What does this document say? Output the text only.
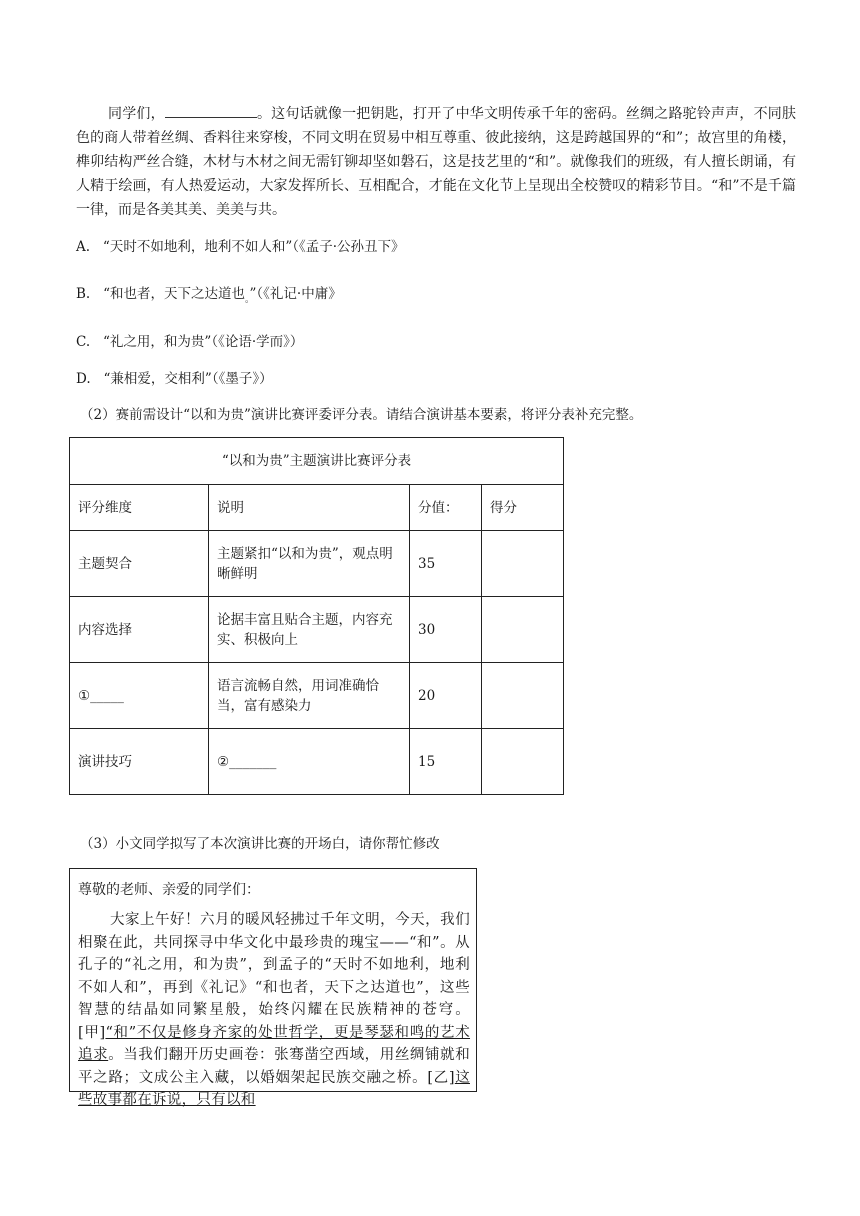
同学们，	。这句话就像一把钥匙，打开了中华文明传承千年的密码。丝绸之路驼铃声声，不同肤色的商人带着丝绸、香料往来穿梭，不同文明在贸易中相互尊重、彼此接纳，这是跨越国界的“和”；故宫里的角楼，榫卯结构严丝合缝，木材与木材之间无需钉铆却坚如磐石，这是技艺里的“和”。就像我们的班级，有人擅长朗诵，有人精于绘画，有人热爱运动，大家发挥所长、互相配合，才能在文化节上呈现出全校赞叹的精彩节目。“和”不是千篇一律，而是各美其美、美美与共。
A. “天时不如地利，地利不如人和”（《孟子·公孙丑下》
B. “和也者，天下之达道也$_。$”（《礼记·中庸》
C. “礼之用，和为贵”（《论语·学而》）
D. “兼相爱，交相利”（《墨子》）
（2）赛前需设计“以和为贵”演讲比赛评委评分表。请结合演讲基本要素，将评分表补充完整。
“以和为贵”主题演讲比赛评分表			
评分维度	说明	分值：	得分
主题契合	主题紧扣“以和为贵”，观点明晰鲜明	35	
内容选择	论据丰富且贴合主题，内容充实、积极向上	30	
①_____	语言流畅自然，用词准确恰当，富有感染力	20	
演讲技巧	②_______	15	
（3）小文同学拟写了本次演讲比赛的开场白，请你帮忙修改
尊敬的老师、亲爱的同学们：
大家上午好！六月的暖风轻拂过千年文明，今天，我们相聚在此，共同探寻中华文化中最珍贵的瑰宝——“和”。从孔子的“礼之用，和为贵”，到孟子的“天时不如地利，地利不如人和”，再到《礼记》“和也者，天下之达道也”，这些智慧的结晶如同繁星般，始终闪耀在民族精神的苍穹。[甲]“和”不仅是修身齐家的处世哲学，更是琴瑟和鸣的艺术追求。当我们翻开历史画卷：张骞凿空西域，用丝绸铺就和平之路；文成公主入藏，以婚姻架起民族交融之桥。[乙]这些故事都在诉说，只有以和
